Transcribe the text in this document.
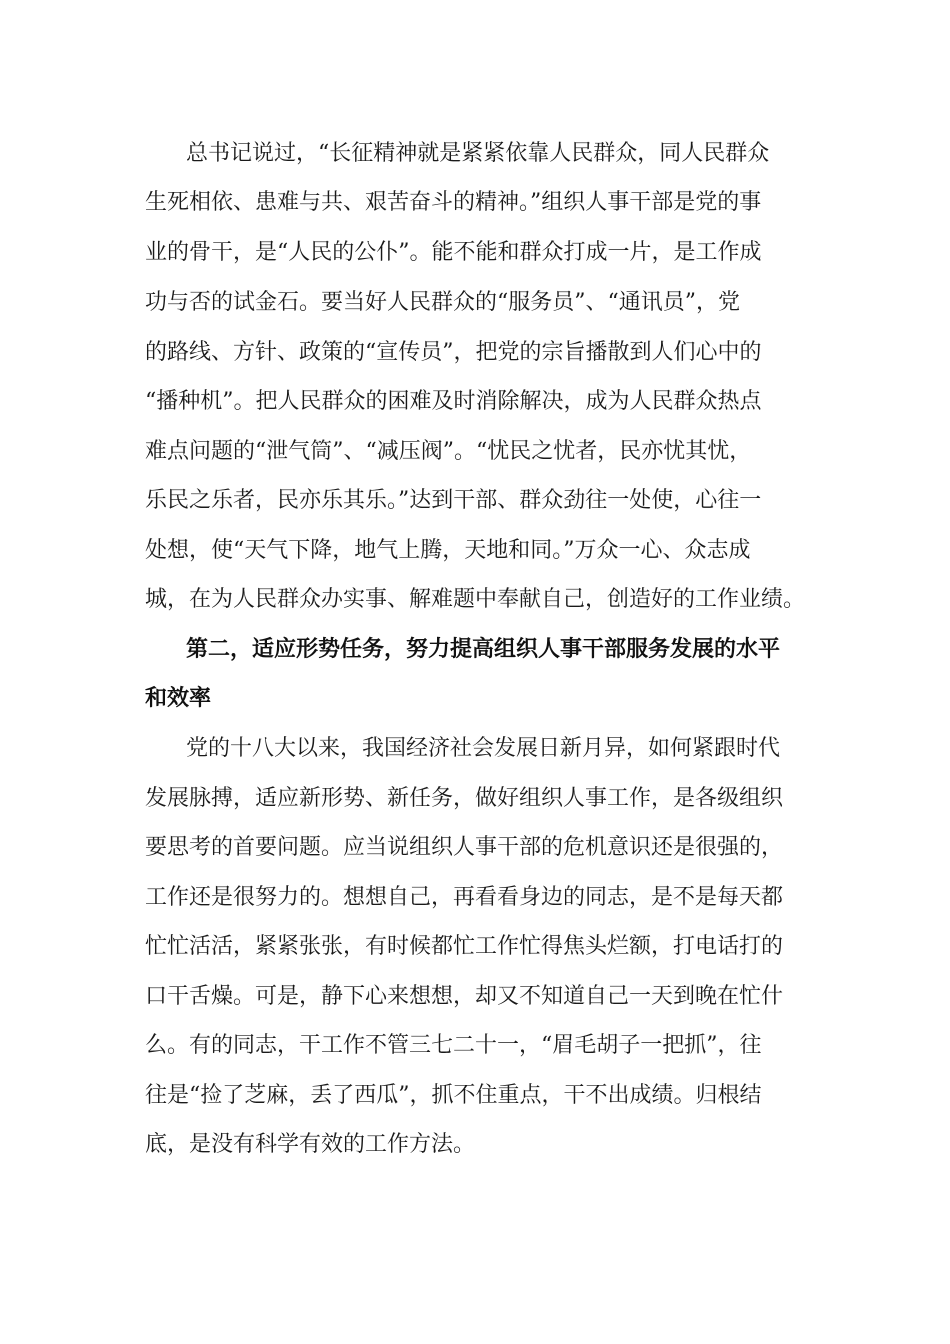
总书记说过，“长征精神就是紧紧依靠人民群众，同人民群众

生死相依、患难与共、艰苦奋斗的精神。”组织人事干部是党的事

业的骨干，是“人民的公仆”。能不能和群众打成一片，是工作成

功与否的试金石。要当好人民群众的“服务员”、“通讯员”，党

的路线、方针、政策的“宣传员”，把党的宗旨播散到人们心中的

“播种机”。把人民群众的困难及时消除解决，成为人民群众热点

难点问题的“泄气筒”、“减压阀”。“忧民之忧者，民亦忧其忧，

乐民之乐者，民亦乐其乐。”达到干部、群众劲往一处使，心往一

处想，使“天气下降，地气上腾，天地和同。”万众一心、众志成

城，在为人民群众办实事、解难题中奉献自己，创造好的工作业绩。

第二，适应形势任务，努力提高组织人事干部服务发展的水平

和效率

党的十八大以来，我国经济社会发展日新月异，如何紧跟时代

发展脉搏，适应新形势、新任务，做好组织人事工作，是各级组织

要思考的首要问题。应当说组织人事干部的危机意识还是很强的，

工作还是很努力的。想想自己，再看看身边的同志，是不是每天都

忙忙活活，紧紧张张，有时候都忙工作忙得焦头烂额，打电话打的

口干舌燥。可是，静下心来想想，却又不知道自己一天到晚在忙什

么。有的同志，干工作不管三七二十一，“眉毛胡子一把抓”，往

往是“捡了芝麻，丢了西瓜”，抓不住重点，干不出成绩。归根结

底，是没有科学有效的工作方法。
